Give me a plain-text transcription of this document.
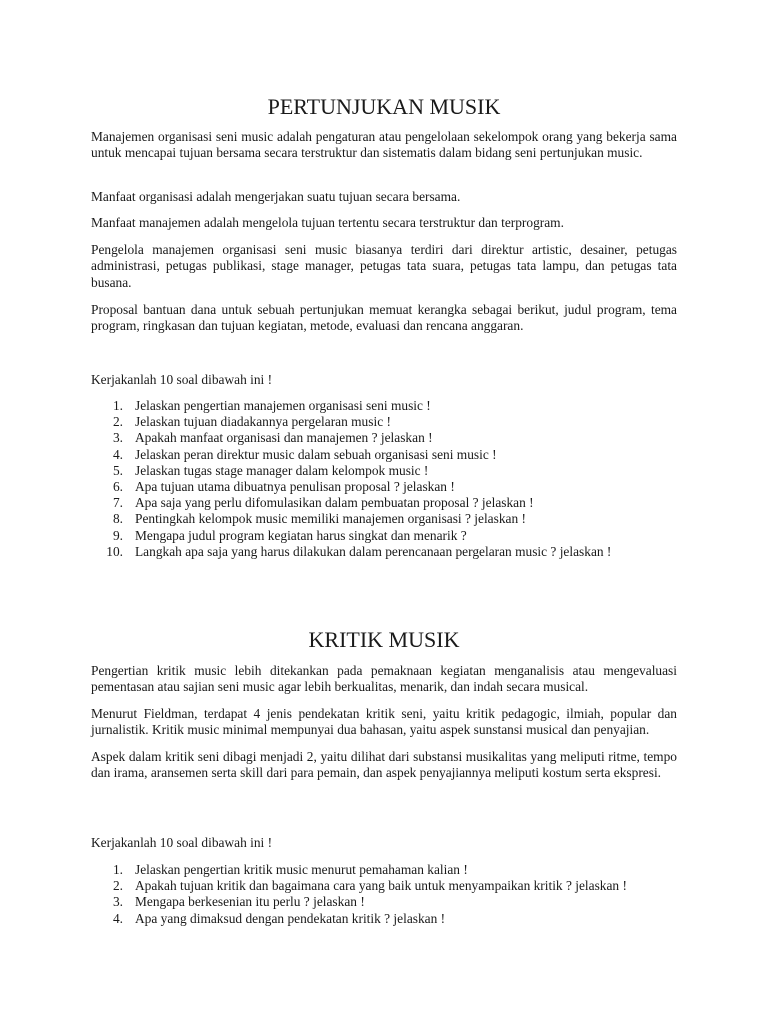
PERTUNJUKAN MUSIK

Manajemen organisasi seni music adalah pengaturan atau pengelolaan sekelompok orang yang bekerja sama untuk mencapai tujuan bersama secara terstruktur dan sistematis dalam bidang seni pertunjukan music.

Manfaat organisasi adalah mengerjakan suatu tujuan secara bersama.

Manfaat manajemen adalah mengelola tujuan tertentu secara terstruktur dan terprogram.

Pengelola manajemen organisasi seni music biasanya terdiri dari direktur artistic, desainer, petugas administrasi, petugas publikasi, stage manager, petugas tata suara, petugas tata lampu, dan petugas tata busana.

Proposal bantuan dana untuk sebuah pertunjukan memuat kerangka sebagai berikut, judul program, tema program, ringkasan dan tujuan kegiatan, metode, evaluasi dan rencana anggaran.

Kerjakanlah 10 soal dibawah ini !

1. Jelaskan pengertian manajemen organisasi seni music !
2. Jelaskan tujuan diadakannya pergelaran music !
3. Apakah manfaat organisasi dan manajemen ? jelaskan !
4. Jelaskan peran direktur music dalam sebuah organisasi seni music !
5. Jelaskan tugas stage manager dalam kelompok music !
6. Apa tujuan utama dibuatnya penulisan proposal ? jelaskan !
7. Apa saja yang perlu difomulasikan dalam pembuatan proposal ? jelaskan !
8. Pentingkah kelompok music memiliki manajemen organisasi ? jelaskan !
9. Mengapa judul program kegiatan harus singkat dan menarik ?
10. Langkah apa saja yang harus dilakukan dalam perencanaan pergelaran music ? jelaskan !
KRITIK MUSIK

Pengertian kritik music lebih ditekankan pada pemaknaan kegiatan menganalisis atau mengevaluasi pementasan atau sajian seni music agar lebih berkualitas, menarik, dan indah secara musical.

Menurut Fieldman, terdapat 4 jenis pendekatan kritik seni, yaitu kritik pedagogic, ilmiah, popular dan jurnalistik. Kritik music minimal mempunyai dua bahasan, yaitu aspek sunstansi musical dan penyajian.

Aspek dalam kritik seni dibagi menjadi 2, yaitu dilihat dari substansi musikalitas yang meliputi ritme, tempo dan irama, aransemen serta skill dari para pemain, dan aspek penyajiannya meliputi kostum serta ekspresi.

Kerjakanlah 10 soal dibawah ini !

1. Jelaskan pengertian kritik music menurut pemahaman kalian !
2. Apakah tujuan kritik dan bagaimana cara yang baik untuk menyampaikan kritik ? jelaskan !
3. Mengapa berkesenian itu perlu ? jelaskan !
4. Apa yang dimaksud dengan pendekatan kritik ? jelaskan !
